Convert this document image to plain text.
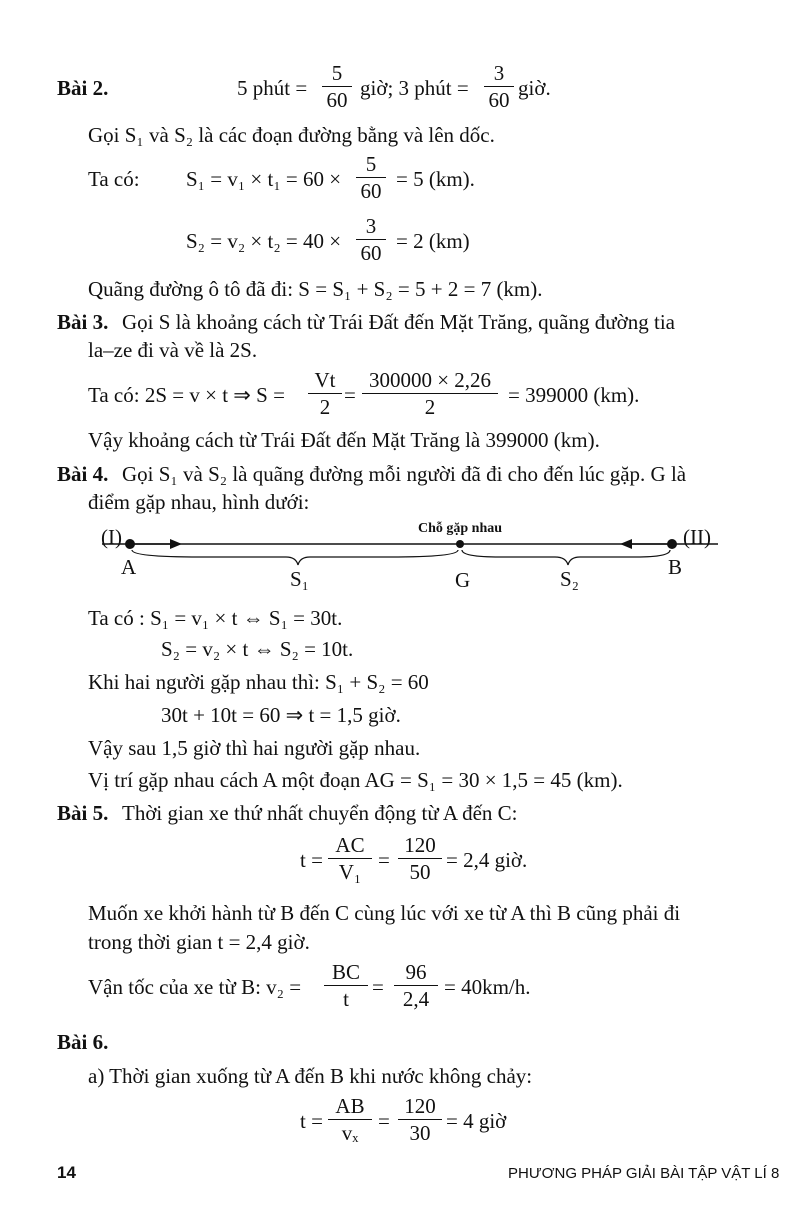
Bài 2.	5 phút =
5
60 giờ; 3 phút =
3
60 giờ.
Gọi S₁ và S₂ là các đoạn đường bằng và lên dốc.
Ta có: S₁ = v₁ × t₁ = 60 ×
5
60 = 5 (km).
S₂ = v₂ × t₂ = 40 ×
3
60 = 2 (km)
Quãng đường ô tô đã đi: S = S₁ + S₂ = 5 + 2 = 7 (km).
Bài 3. Gọi S là khoảng cách từ Trái Đất đến Mặt Trăng, quãng đường tia
la–ze đi và về là 2S.
Ta có: 2S = v × t ⇒ S =
Vt
2 =
300000 × 2,26
2	= 399000 (km).
Vậy khoảng cách từ Trái Đất đến Mặt Trăng là 399000 (km).
Bài 4. Gọi S₁ và S₂ là quãng đường mỗi người đã đi cho đến lúc gặp. G là
điểm gặp nhau, hình dưới:
(I)	(II)
Chỗ gặp nhau
A
G
B
S₁	S₂
Ta có : S₁ = v₁ × t ⇔ S₁ = 30t.
S₂ = v₂ × t ⇔ S₂ = 10t.
Khi hai người gặp nhau thì: S₁ + S₂ = 60
30t + 10t = 60 ⇒ t = 1,5 giờ.
Vậy sau 1,5 giờ thì hai người gặp nhau.
Vị trí gặp nhau cách A một đoạn AG = S₁ = 30 × 1,5 = 45 (km).
Bài 5. Thời gian xe thứ nhất chuyển động từ A đến C:
t =
AC
V₁ =
120
50 = 2,4 giờ.
Muốn xe khởi hành từ B đến C cùng lúc với xe từ A thì B cũng phải đi
trong thời gian t = 2,4 giờ.
Vận tốc của xe từ B: v₂ =
BC
t	=
96
2,4 = 40km/h.
Bài 6.
a) Thời gian xuống từ A đến B khi nước không chảy:
t =
AB
vₓ =
120
30 = 4 giờ
14	PHƯƠNG PHÁP GIẢI BÀI TẬP VẬT LÍ 8
